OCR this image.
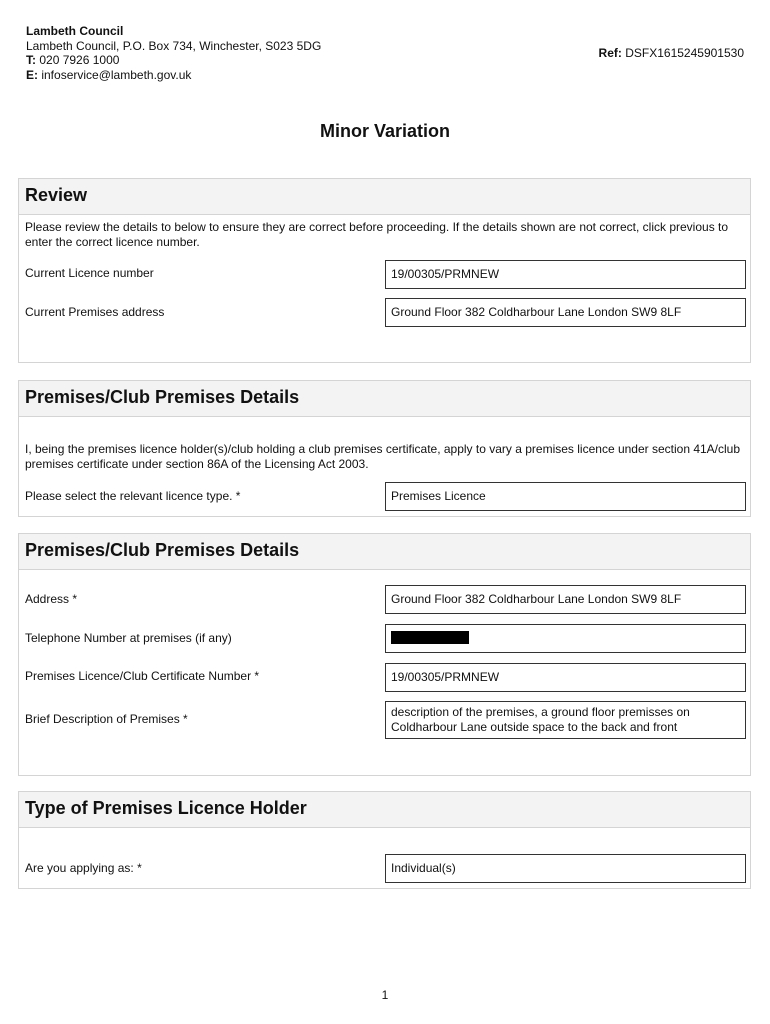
Lambeth Council
Lambeth Council, P.O. Box 734, Winchester, S023 5DG
T: 020 7926 1000
E: infoservice@lambeth.gov.uk
Ref: DSFX1615245901530
Minor Variation
Review
Please review the details to below to ensure they are correct before proceeding. If the details shown are not correct, click previous to enter the correct licence number.
Current Licence number	19/00305/PRMNEW
Current Premises address	Ground Floor 382 Coldharbour Lane London SW9 8LF
Premises/Club Premises Details
I, being the premises licence holder(s)/club holding a club premises certificate, apply to vary a premises licence under section 41A/club premises certificate under section 86A of the Licensing Act 2003.
Please select the relevant licence type. *	Premises Licence
Premises/Club Premises Details
Address *	Ground Floor 382 Coldharbour Lane London SW9 8LF
Telephone Number at premises (if any)
Premises Licence/Club Certificate Number *	19/00305/PRMNEW
Brief Description of Premises *	description of the premises, a ground floor premisses on Coldharbour Lane outside space to the back and front
Type of Premises Licence Holder
Are you applying as: *	Individual(s)
1
